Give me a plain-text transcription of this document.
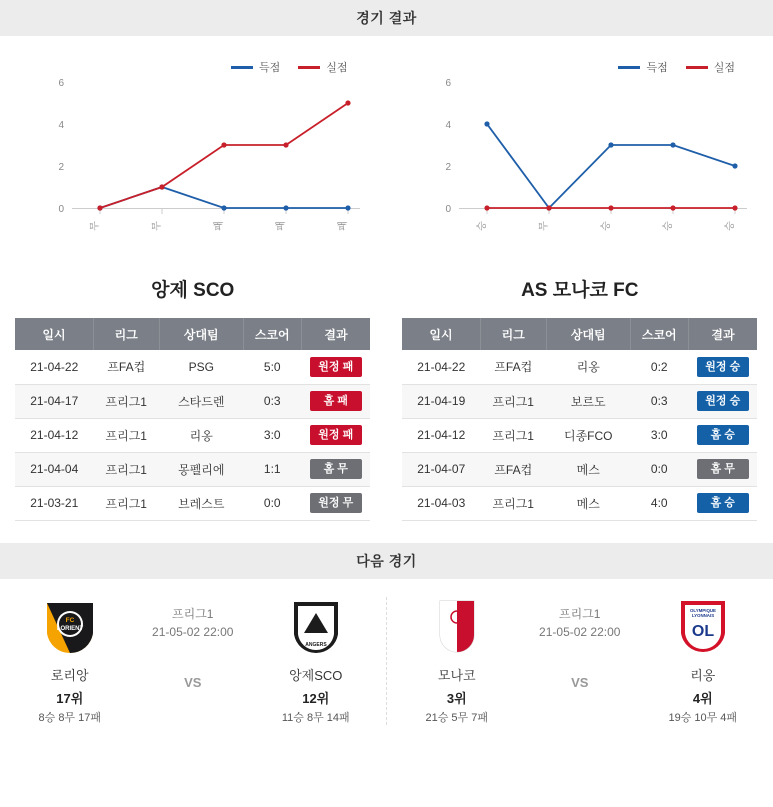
경기 결과
득점	실점
6
4
2
0
무	무	패	패	패
앙제 SCO
일시	리그	상대팀	스코어	결과
21-04-22	프FA컵	PSG	5:0	원정 패
21-04-17	프리그1	스타드렌	0:3	홈 패
21-04-12	프리그1	리옹	3:0	원정 패
21-04-04	프리그1	몽펠리에	1:1	홈 무
21-03-21	프리그1	브레스트	0:0	원정 무
득점	실점
6
4
2
0
승	무	승	승	승
AS 모나코 FC
일시	리그	상대팀	스코어	결과
21-04-22	프FA컵	리옹	0:2	원정 승
21-04-19	프리그1	보르도	0:3	원정 승
21-04-12	프리그1	디종FCO	3:0	홈 승
21-04-07	프FA컵	메스	0:0	홈 무
21-04-03	프리그1	메스	4:0	홈 승
다음 경기
FC
LORIENT
로리앙
17위
8승 8무 17패
프리그1
21-05-02 22:00
VS
ANGERS
앙제SCO
12위
11승 8무 14패
모나코
3위
21승 5무 7패
프리그1
21-05-02 22:00
VS
OLYMPIQUE
LYONNAIS
OL
리옹
4위
19승 10무 4패
